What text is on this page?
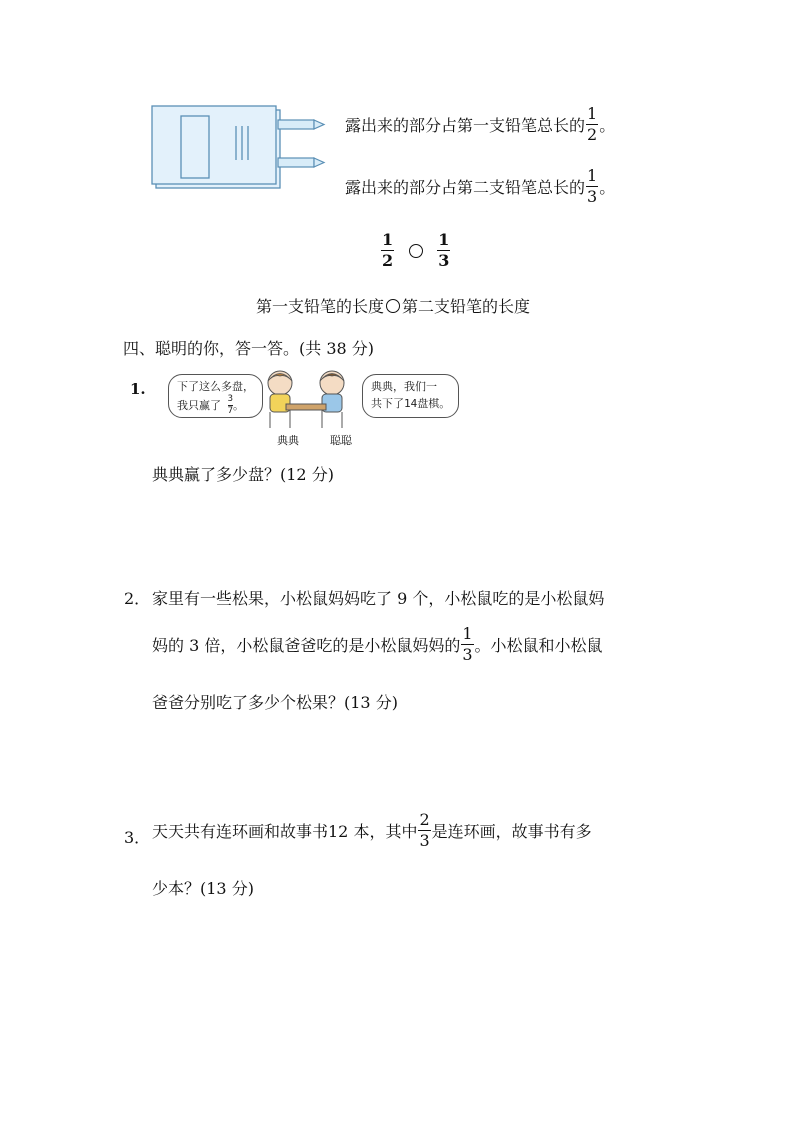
露出来的部分占第一支铅笔总长的 $\frac{1}{2}$ 。
露出来的部分占第二支铅笔总长的 $\frac{1}{3}$ 。
$\frac{1}{2}$
	$\frac{1}{3}$
第一支铅笔的长度 第二支铅笔的长度
四、聪明的你，答一答。(共 38 分)
1.	下了这么多盘，
我只赢了 $\frac{3}{7}$ 。
典典	聪聪
典典，我们一
共下了14盘棋。
典典赢了多少盘？(12 分)
2． 家里有一些松果，小松鼠妈妈吃了 9 个，小松鼠吃的是小松鼠妈
妈的 3 倍，小松鼠爸爸吃的是小松鼠妈妈的 $\frac{1}{3}$ 。小松鼠和小松鼠
爸爸分别吃了多少个松果？(13 分)
3． 天天共有连环画和故事书12 本，其中 $\frac{2}{3}$ 是连环画，故事书有多
少本？(13 分)
